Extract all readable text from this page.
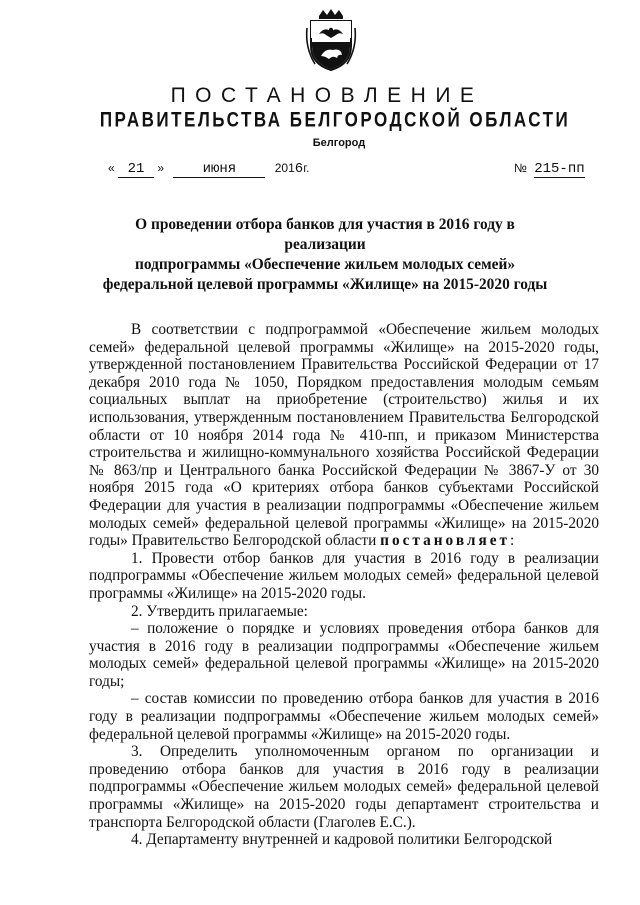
ПОСТАНОВЛЕНИЕ
ПРАВИТЕЛЬСТВА БЕЛГОРОДСКОЙ ОБЛАСТИ
Белгород
« 21 »	июня	2016г.	№ 215-пп
О проведении отбора банков для участия в 2016 году в реализации
подпрограммы «Обеспечение жильем молодых семей»
федеральной целевой программы «Жилище» на 2015-2020 годы

В соответствии с подпрограммой «Обеспечение жильем молодых семей» федеральной целевой программы «Жилище» на 2015-2020 годы, утвержденной постановлением Правительства Российской Федерации от 17 декабря 2010 года № 1050, Порядком предоставления молодым семьям социальных выплат на приобретение (строительство) жилья и их использования, утвержденным постановлением Правительства Белгородской области от 10 ноября 2014 года № 410-пп, и приказом Министерства строительства и жилищно-коммунального хозяйства Российской Федерации № 863/пр и Центрального банка Российской Федерации № 3867-У от 30 ноября 2015 года «О критериях отбора банков субъектами Российской Федерации для участия в реализации подпрограммы «Обеспечение жильем молодых семей» федеральной целевой программы «Жилище» на 2015-2020 годы» Правительство Белгородской области постановляет:

1. Провести отбор банков для участия в 2016 году в реализации подпрограммы «Обеспечение жильем молодых семей» федеральной целевой программы «Жилище» на 2015-2020 годы.

2. Утвердить прилагаемые:

– положение о порядке и условиях проведения отбора банков для участия в 2016 году в реализации подпрограммы «Обеспечение жильем молодых семей» федеральной целевой программы «Жилище» на 2015-2020 годы;

– состав комиссии по проведению отбора банков для участия в 2016 году в реализации подпрограммы «Обеспечение жильем молодых семей» федеральной целевой программы «Жилище» на 2015-2020 годы.

3. Определить уполномоченным органом по организации и проведению отбора банков для участия в 2016 году в реализации подпрограммы «Обеспечение жильем молодых семей» федеральной целевой программы «Жилище» на 2015-2020 годы департамент строительства и транспорта Белгородской области (Глаголев Е.С.).

4. Департаменту внутренней и кадровой политики Белгородской
